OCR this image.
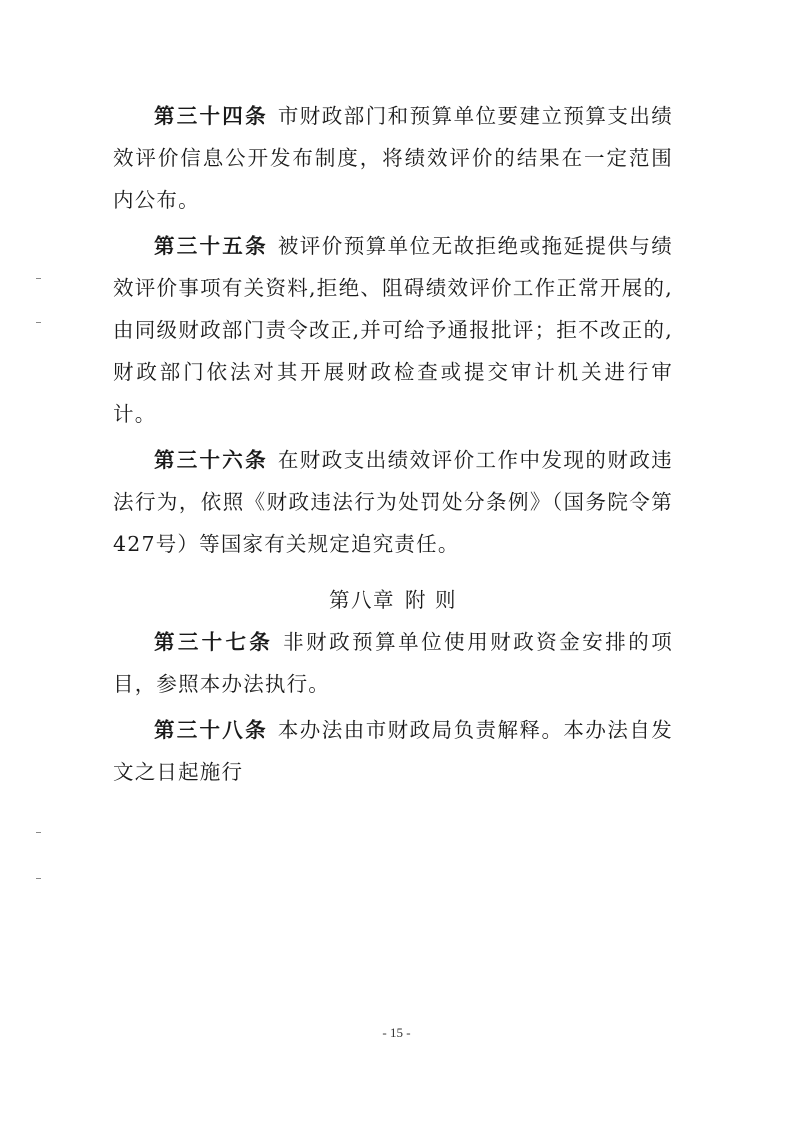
第三十四条 市财政部门和预算单位要建立预算支出绩效评价信息公开发布制度，将绩效评价的结果在一定范围内公布。

第三十五条 被评价预算单位无故拒绝或拖延提供与绩效评价事项有关资料,拒绝、阻碍绩效评价工作正常开展的,由同级财政部门责令改正,并可给予通报批评；拒不改正的,财政部门依法对其开展财政检查或提交审计机关进行审计。

第三十六条 在财政支出绩效评价工作中发现的财政违法行为，依照《财政违法行为处罚处分条例》（国务院令第427号）等国家有关规定追究责任。

第八章 附 则

第三十七条 非财政预算单位使用财政资金安排的项目，参照本办法执行。

第三十八条 本办法由市财政局负责解释。本办法自发文之日起施行

- 15 -
